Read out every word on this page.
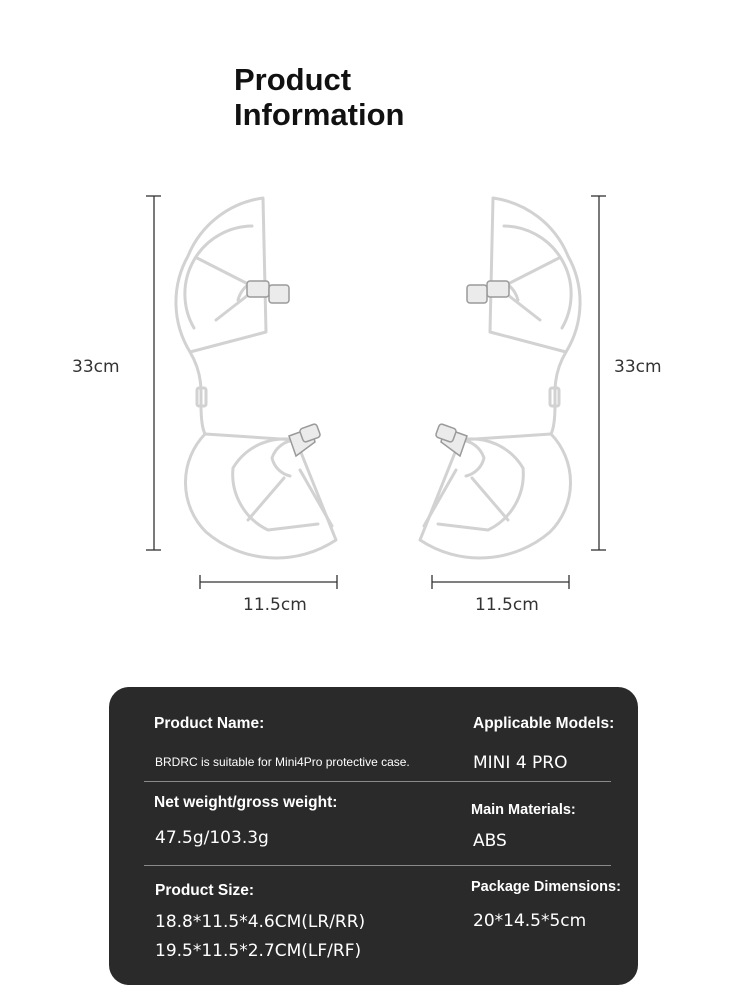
Product
Information
33cm	33cm
11.5cm	11.5cm
Product Name:	Applicable Models:
BRDRC is suitable for Mini4Pro protective case.	MINI 4 PRO
Net weight/gross weight:	Main Materials:
47.5g/103.3g	ABS
Product Size:	Package Dimensions:
18.8*11.5*4.6CM(LR/RR)	20*14.5*5cm
19.5*11.5*2.7CM(LF/RF)
